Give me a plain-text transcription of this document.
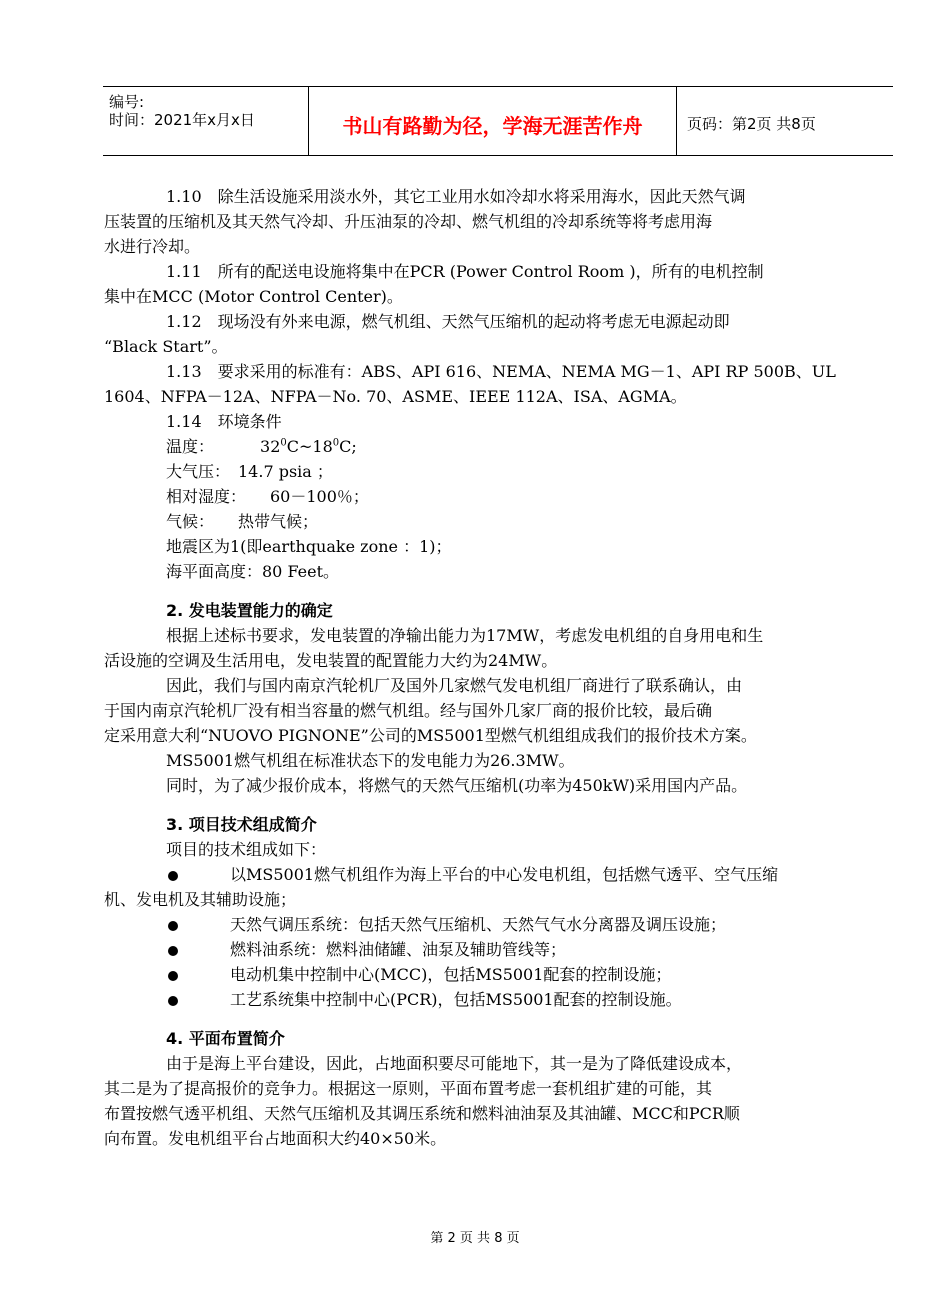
编号:
时间：2021年x月x日	书山有路勤为径，学海无涯苦作舟	页码：第2页 共8页
1.10　除生活设施采用淡水外，其它工业用水如冷却水将采用海水，因此天然气调
压装置的压缩机及其天然气冷却、升压油泵的冷却、燃气机组的冷却系统等将考虑用海
水进行冷却。
1.11　所有的配送电设施将集中在PCR (Power Control Room )，所有的电机控制
集中在MCC (Motor Control Center)。
1.12　现场没有外来电源，燃气机组、天然气压缩机的起动将考虑无电源起动即
“Black Start”。
1.13　要求采用的标准有：ABS、API 616、NEMA、NEMA MG－1、API RP 500B、UL
1604、NFPA－12A、NFPA－No. 70、ASME、IEEE 112A、ISA、AGMA。
1.14　环境条件
温度：	$32^0C\sim 18^0C$;
大气压：　14.7 psia ；
相对湿度：　　60－100％；
气候：　　热带气候；
地震区为1(即earthquake zone ：1)；
海平面高度：80 Feet。
2. 发电装置能力的确定
根据上述标书要求，发电装置的净输出能力为17MW，考虑发电机组的自身用电和生
活设施的空调及生活用电，发电装置的配置能力大约为24MW。
因此，我们与国内南京汽轮机厂及国外几家燃气发电机组厂商进行了联系确认，由
于国内南京汽轮机厂没有相当容量的燃气机组。经与国外几家厂商的报价比较，最后确
定采用意大利“NUOVO PIGNONE”公司的MS5001型燃气机组组成我们的报价技术方案。
MS5001燃气机组在标准状态下的发电能力为26.3MW。
同时，为了减少报价成本，将燃气的天然气压缩机(功率为450kW)采用国内产品。
3. 项目技术组成简介
项目的技术组成如下：
以MS5001燃气机组作为海上平台的中心发电机组，包括燃气透平、空气压缩
机、发电机及其辅助设施；
天然气调压系统：包括天然气压缩机、天然气气水分离器及调压设施；
燃料油系统：燃料油储罐、油泵及辅助管线等；
电动机集中控制中心(MCC)，包括MS5001配套的控制设施；
工艺系统集中控制中心(PCR)，包括MS5001配套的控制设施。
4. 平面布置简介
由于是海上平台建设，因此，占地面积要尽可能地下，其一是为了降低建设成本，
其二是为了提高报价的竞争力。根据这一原则，平面布置考虑一套机组扩建的可能，其
布置按燃气透平机组、天然气压缩机及其调压系统和燃料油油泵及其油罐、MCC和PCR顺
向布置。发电机组平台占地面积大约40×50米。
第 2 页 共 8 页
